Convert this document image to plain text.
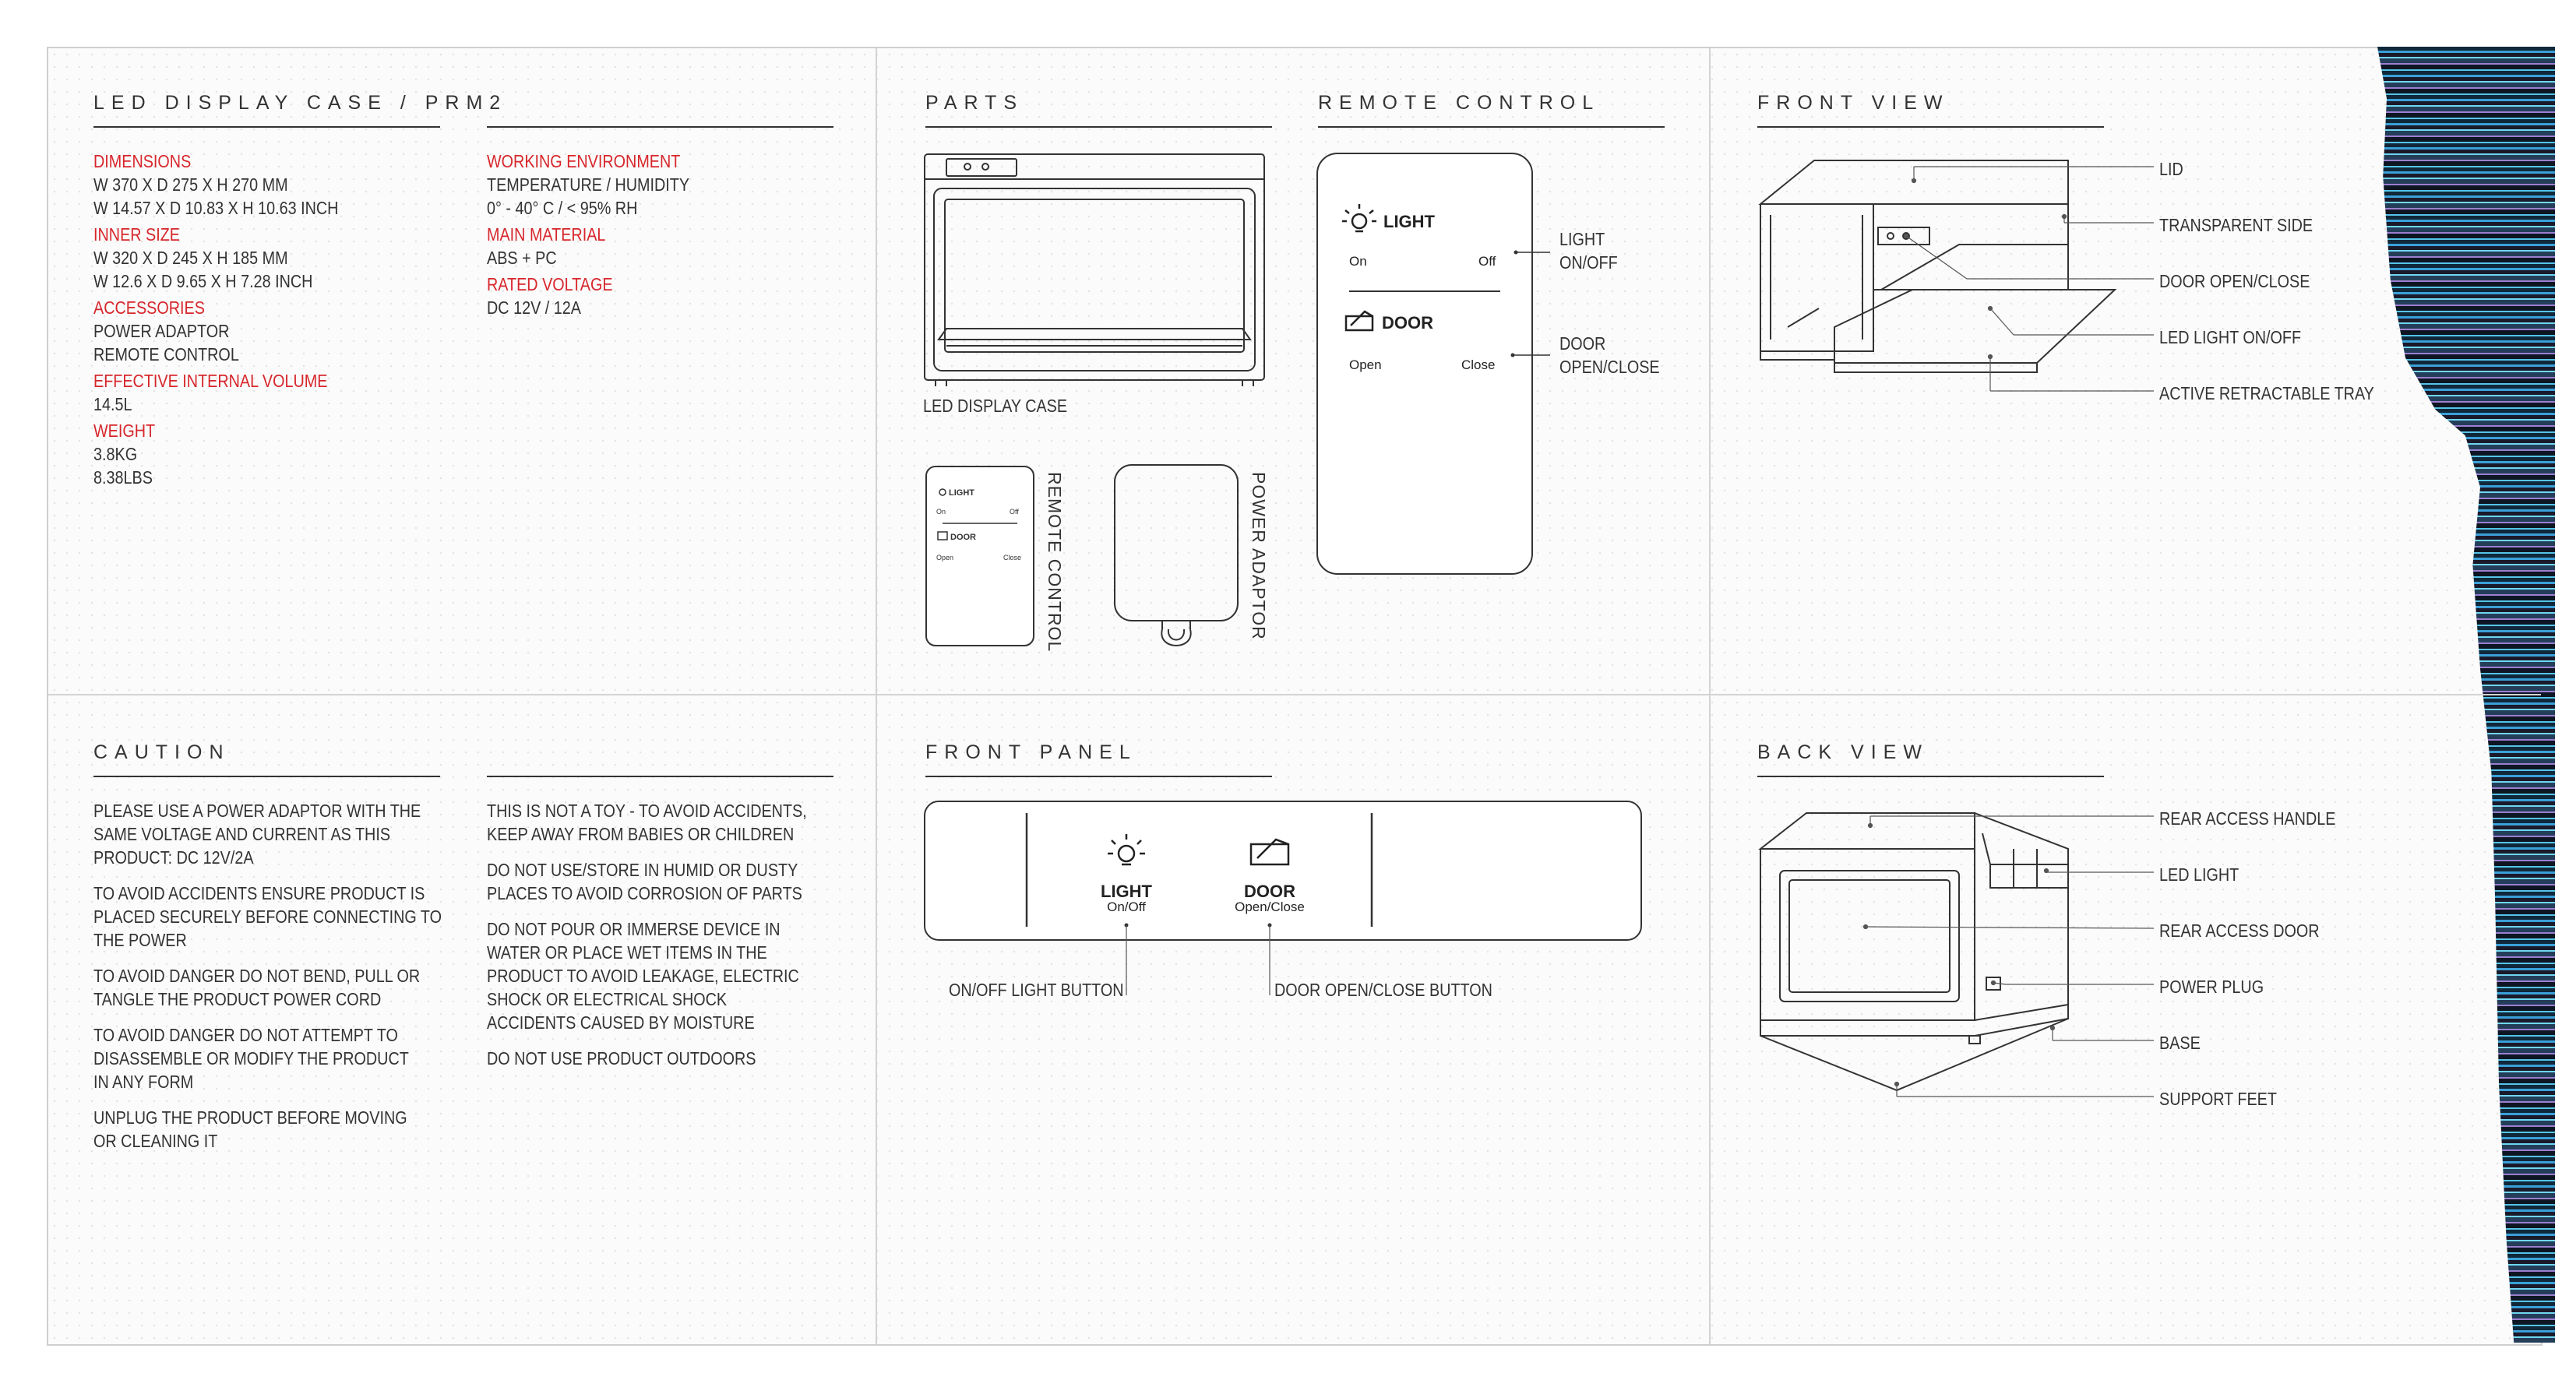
LED DISPLAY CASE / PRM2
DIMENSIONS
W 370 X D 275 X H 270 MM
W 14.57 X D 10.83 X H 10.63 INCH
INNER SIZE
W 320 X D 245 X H 185 MM
W 12.6 X D 9.65 X H 7.28 INCH
ACCESSORIES
POWER ADAPTOR
REMOTE CONTROL
EFFECTIVE INTERNAL VOLUME
14.5L
WEIGHT
3.8KG
8.38LBS
WORKING ENVIRONMENT
TEMPERATURE / HUMIDITY
0° - 40° C / < 95% RH
MAIN MATERIAL
ABS + PC
RATED VOLTAGE
DC 12V / 12A
PARTS
LED DISPLAY CASE
LIGHT
On	Off
DOOR
Open	Close REMOTE CONTROL	POWER ADAPTOR
REMOTE CONTROL
LIGHT
On	Off
DOOR
Open	Close
LIGHT
ON/OFF
DOOR
OPEN/CLOSE
FRONT VIEW
LID
TRANSPARENT SIDE
DOOR OPEN/CLOSE
LED LIGHT ON/OFF
ACTIVE RETRACTABLE TRAY
CAUTION

PLEASE USE A POWER ADAPTOR WITH THE
SAME VOLTAGE AND CURRENT AS THIS
PRODUCT: DC 12V/2A

TO AVOID ACCIDENTS ENSURE PRODUCT IS
PLACED SECURELY BEFORE CONNECTING TO
THE POWER

TO AVOID DANGER DO NOT BEND, PULL OR
TANGLE THE PRODUCT POWER CORD

TO AVOID DANGER DO NOT ATTEMPT TO
DISASSEMBLE OR MODIFY THE PRODUCT
IN ANY FORM

UNPLUG THE PRODUCT BEFORE MOVING
OR CLEANING IT

THIS IS NOT A TOY - TO AVOID ACCIDENTS,
KEEP AWAY FROM BABIES OR CHILDREN

DO NOT USE/STORE IN HUMID OR DUSTY
PLACES TO AVOID CORROSION OF PARTS

DO NOT POUR OR IMMERSE DEVICE IN
WATER OR PLACE WET ITEMS IN THE
PRODUCT TO AVOID LEAKAGE, ELECTRIC
SHOCK OR ELECTRICAL SHOCK
ACCIDENTS CAUSED BY MOISTURE

DO NOT USE PRODUCT OUTDOORS

FRONT PANEL
LIGHT
On/Off
DOOR
Open/Close
ON/OFF LIGHT BUTTON	DOOR OPEN/CLOSE BUTTON
BACK VIEW
REAR ACCESS HANDLE
LED LIGHT
REAR ACCESS DOOR
POWER PLUG
BASE
SUPPORT FEET
